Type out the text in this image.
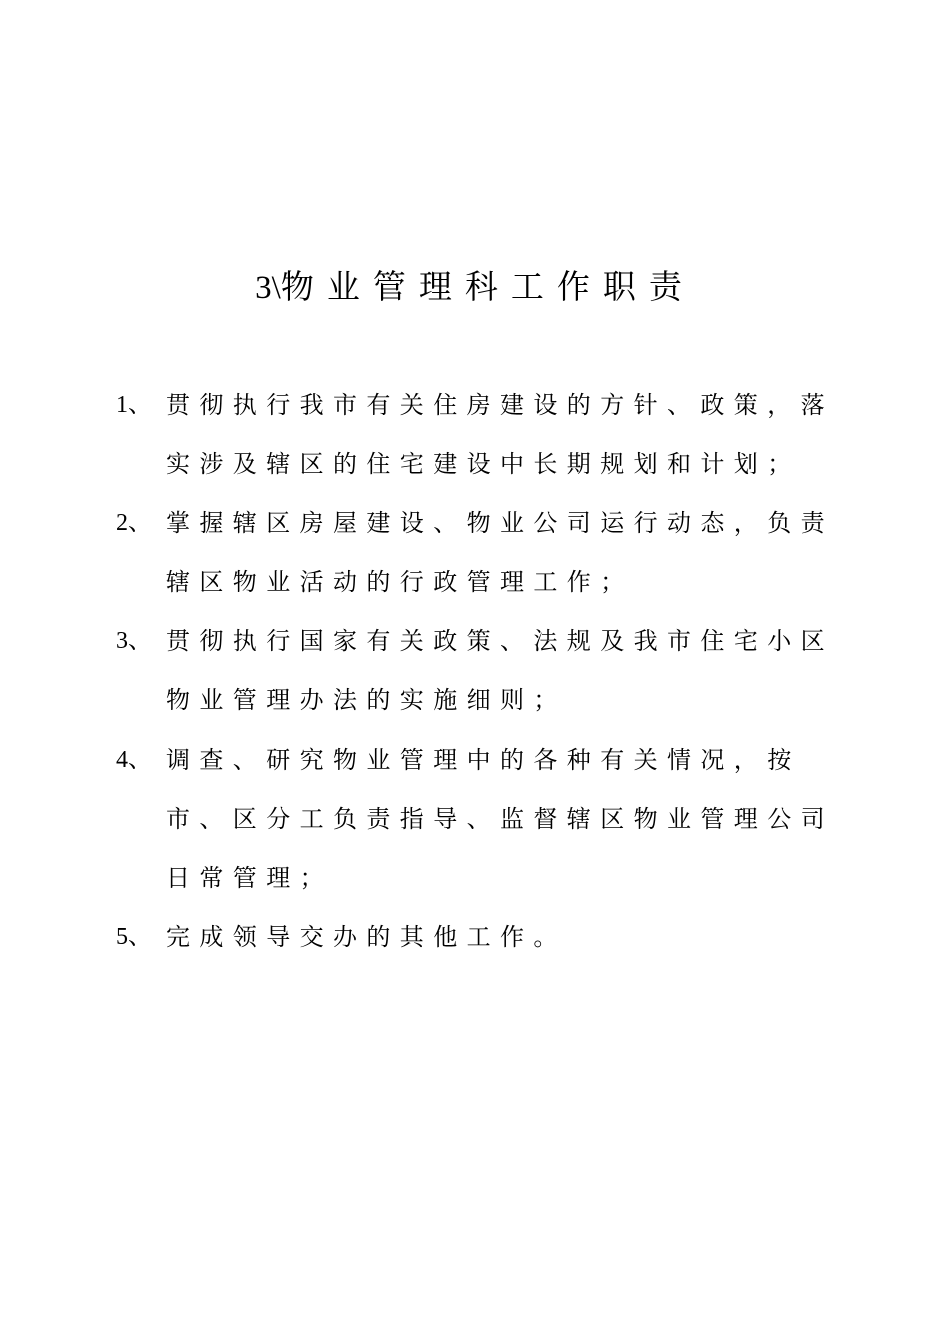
3\物业管理科工作职责
1、 贯彻执行我市有关住房建设的方针、政策，落实涉及辖区的住宅建设中长期规划和计划；
2、 掌握辖区房屋建设、物业公司运行动态，负责辖区物业活动的行政管理工作；
3、 贯彻执行国家有关政策、法规及我市住宅小区物业管理办法的实施细则；
4、 调查、研究物业管理中的各种有关情况，按市、区分工负责指导、监督辖区物业管理公司日常管理；
5、 完成领导交办的其他工作。
